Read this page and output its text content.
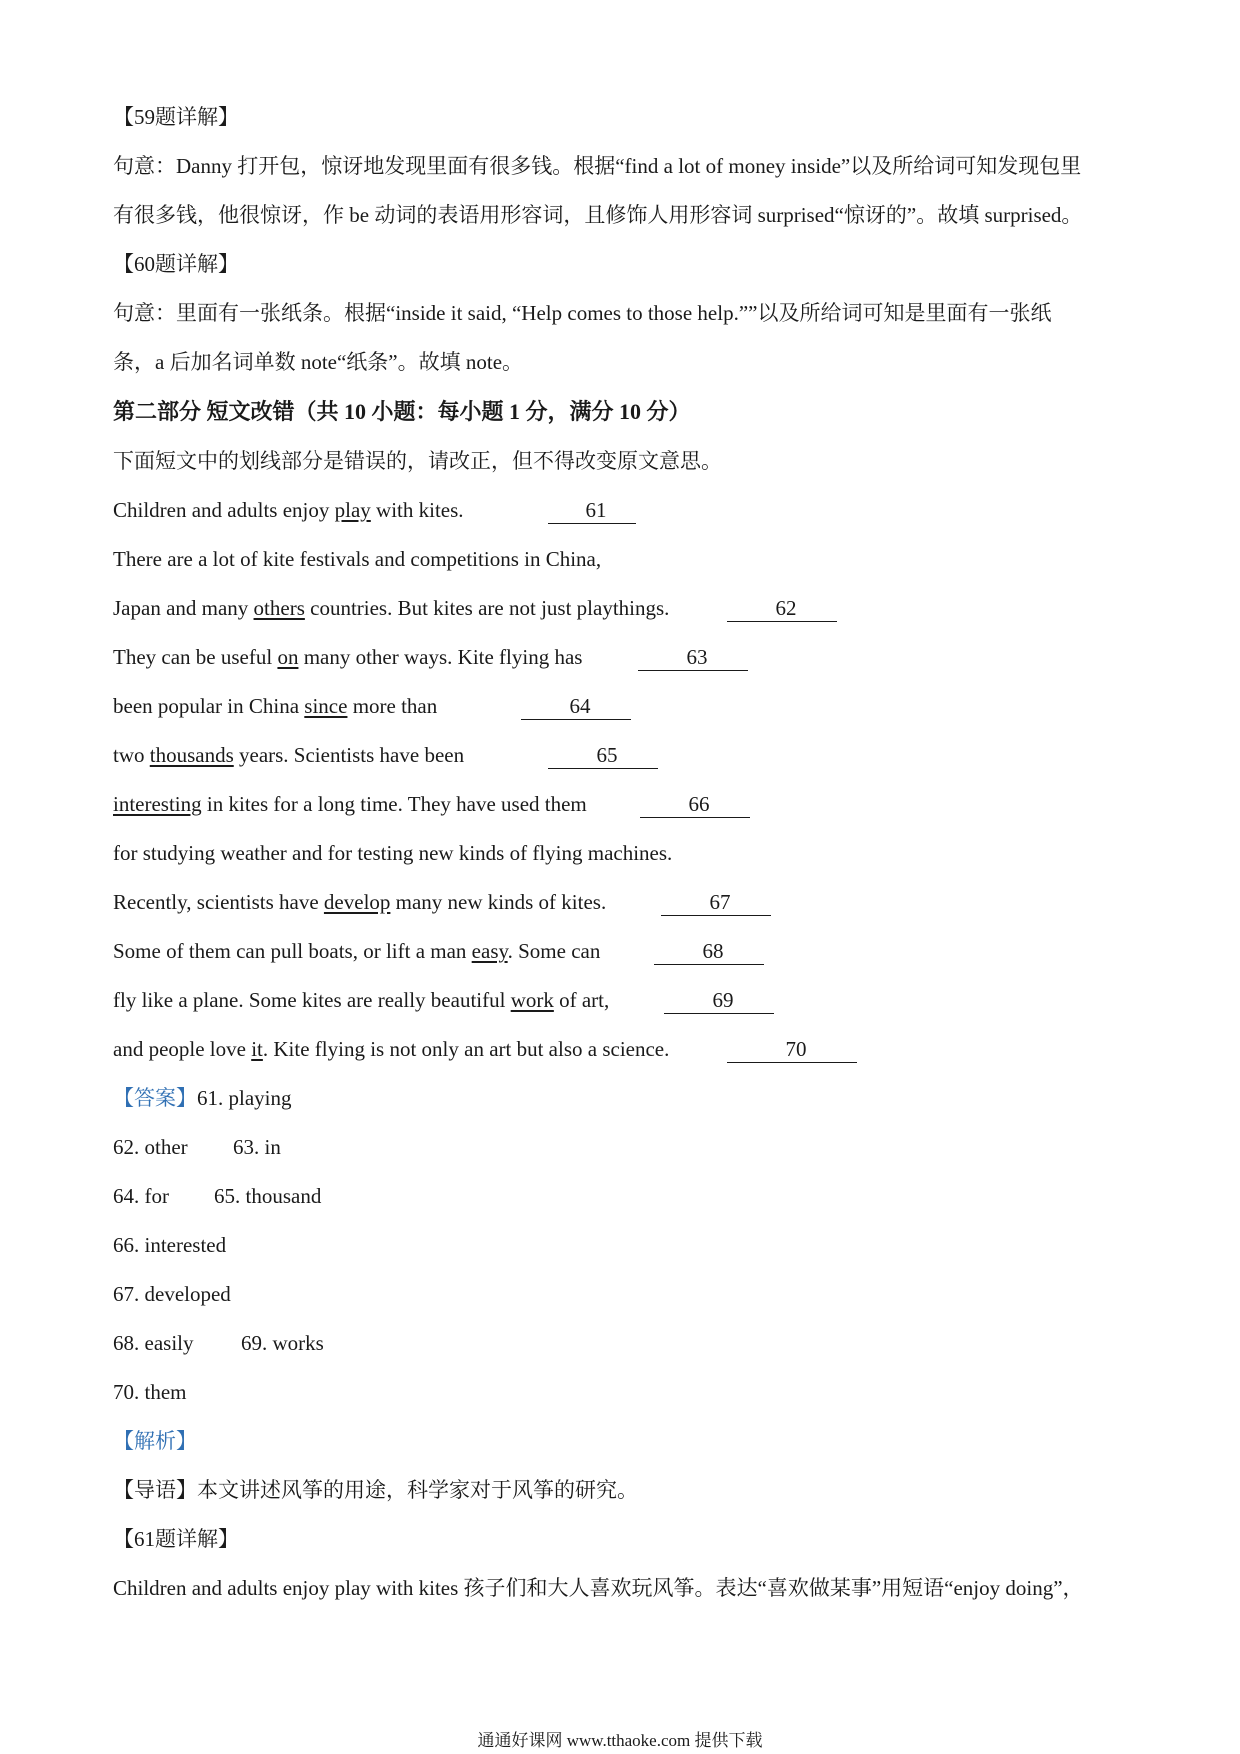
【59题详解】
句意：Danny 打开包，惊讶地发现里面有很多钱。根据“find a lot of money inside”以及所给词可知发现包里
有很多钱，他很惊讶，作 be 动词的表语用形容词，且修饰人用形容词 surprised“惊讶的”。故填 surprised。
【60题详解】
句意：里面有一张纸条。根据“inside it said, “Help comes to those help.””以及所给词可知是里面有一张纸
条，a 后加名词单数 note“纸条”。故填 note。
第二部分 短文改错（共 10 小题：每小题 1 分，满分 10 分）
下面短文中的划线部分是错误的，请改正，但不得改变原文意思。
Children and adults enjoy play with kites.	61
There are a lot of kite festivals and competitions in China,
Japan and many others countries. But kites are not just playthings.	62
They can be useful on many other ways. Kite flying has	63
been popular in China since more than	64
two thousands years. Scientists have been	65
interesting in kites for a long time. They have used them	66
for studying weather and for testing new kinds of flying machines.
Recently, scientists have develop many new kinds of kites.	67
Some of them can pull boats, or lift a man easy. Some can	68
fly like a plane. Some kites are really beautiful work of art,	69
and people love it. Kite flying is not only an art but also a science.	70
【答案】61. playing
62. other 63. in
64. for 65. thousand
66. interested
67. developed
68. easily 69. works
70. them
【解析】
【导语】本文讲述风筝的用途，科学家对于风筝的研究。
【61题详解】
Children and adults enjoy play with kites 孩子们和大人喜欢玩风筝。表达“喜欢做某事”用短语“enjoy doing”，
通通好课网 www.tthaoke.com 提供下载
